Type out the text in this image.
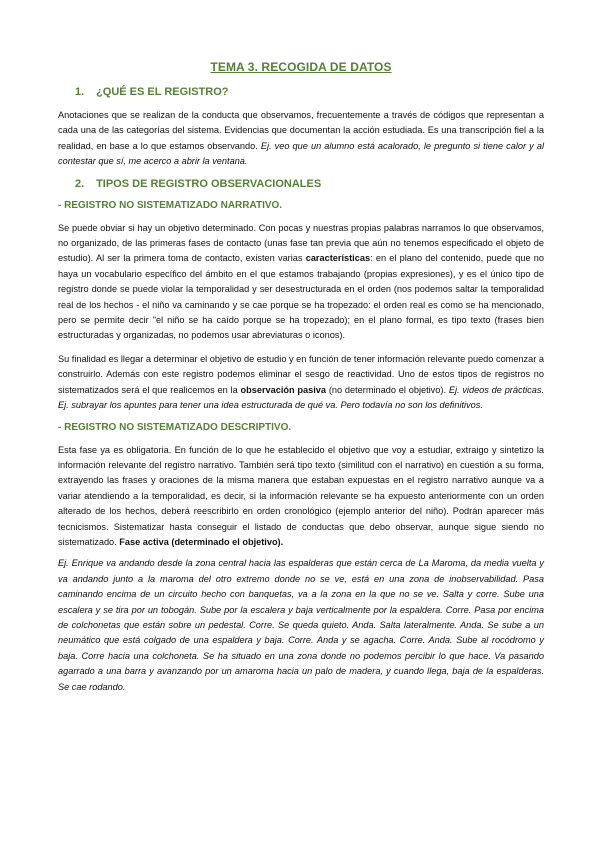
TEMA 3. RECOGIDA DE DATOS
1. ¿QUÉ ES EL REGISTRO?

Anotaciones que se realizan de la conducta que observamos, frecuentemente a través de códigos que representan a cada una de las categorías del sistema. Evidencias que documentan la acción estudiada. Es una transcripción fiel a la realidad, en base a lo que estamos observando. Ej. veo que un alumno está acalorado, le pregunto si tiene calor y al contestar que sí, me acerco a abrir la ventana.

2. TIPOS DE REGISTRO OBSERVACIONALES
- REGISTRO NO SISTEMATIZADO NARRATIVO.

Se puede obviar si hay un objetivo determinado. Con pocas y nuestras propias palabras narramos lo que observamos, no organizado, de las primeras fases de contacto (unas fase tan previa que aún no tenemos especificado el objeto de estudio). Al ser la primera toma de contacto, existen varias características: en el plano del contenido, puede que no haya un vocabulario específico del ámbito en el que estamos trabajando (propias expresiones), y es el único tipo de registro donde se puede violar la temporalidad y ser desestructurada en el orden (nos podemos saltar la temporalidad real de los hechos - el niño va caminando y se cae porque se ha tropezado: el orden real es como se ha mencionado, pero se permite decir "el niño se ha caído porque se ha tropezado); en el plano formal, es tipo texto (frases bien estructuradas y organizadas, no podemos usar abreviaturas o iconos).

Su finalidad es llegar a determinar el objetivo de estudio y en función de tener información relevante puedo comenzar a construirlo. Además con este registro podemos eliminar el sesgo de reactividad. Uno de estos tipos de registros no sistematizados será el que realicemos en la observación pasiva (no determinado el objetivo). Ej. videos de prácticas. Ej. subrayar los apuntes para tener una idea estructurada de qué va. Pero todavía no son los definitivos.

- REGISTRO NO SISTEMATIZADO DESCRIPTIVO.

Esta fase ya es obligatoria. En función de lo que he establecido el objetivo que voy a estudiar, extraigo y sintetizo la información relevante del registro narrativo. También será tipo texto (similitud con el narrativo) en cuestión a su forma, extrayendo las frases y oraciones de la misma manera que estaban expuestas en el registro narrativo aunque va a variar atendiendo a la temporalidad, es decir, si la información relevante se ha expuesto anteriormente con un orden alterado de los hechos, deberá reescribirlo en orden cronológico (ejemplo anterior del niño). Podrán aparecer más tecnicismos. Sistematizar hasta conseguir el listado de conductas que debo observar, aunque sigue siendo no sistematizado. Fase activa (determinado el objetivo).

Ej. Enrique va andando desde la zona central hacia las espalderas que están cerca de La Maroma, da media vuelta y va andando junto a la maroma del otro extremo donde no se ve, está en una zona de inobservabilidad. Pasa caminando encima de un circuito hecho con banquetas, va a la zona en la que no se ve. Salta y corre. Sube una escalera y se tira por un tobogán. Sube por la escalera y baja verticalmente por la espaldera. Corre. Pasa por encima de colchonetas que están sobre un pedestal. Corre. Se queda quieto. Anda. Salta lateralmente. Anda. Se sube a un neumático que está colgado de una espaldera y baja. Corre. Anda y se agacha. Corre. Anda. Sube al rocódromo y baja. Corre hacia una colchoneta. Se ha situado en una zona donde no podemos percibir lo que hace. Va pasando agarrado a una barra y avanzando por un amaroma hacia un palo de madera, y cuando llega, baja de la espalderas. Se cae rodando.
